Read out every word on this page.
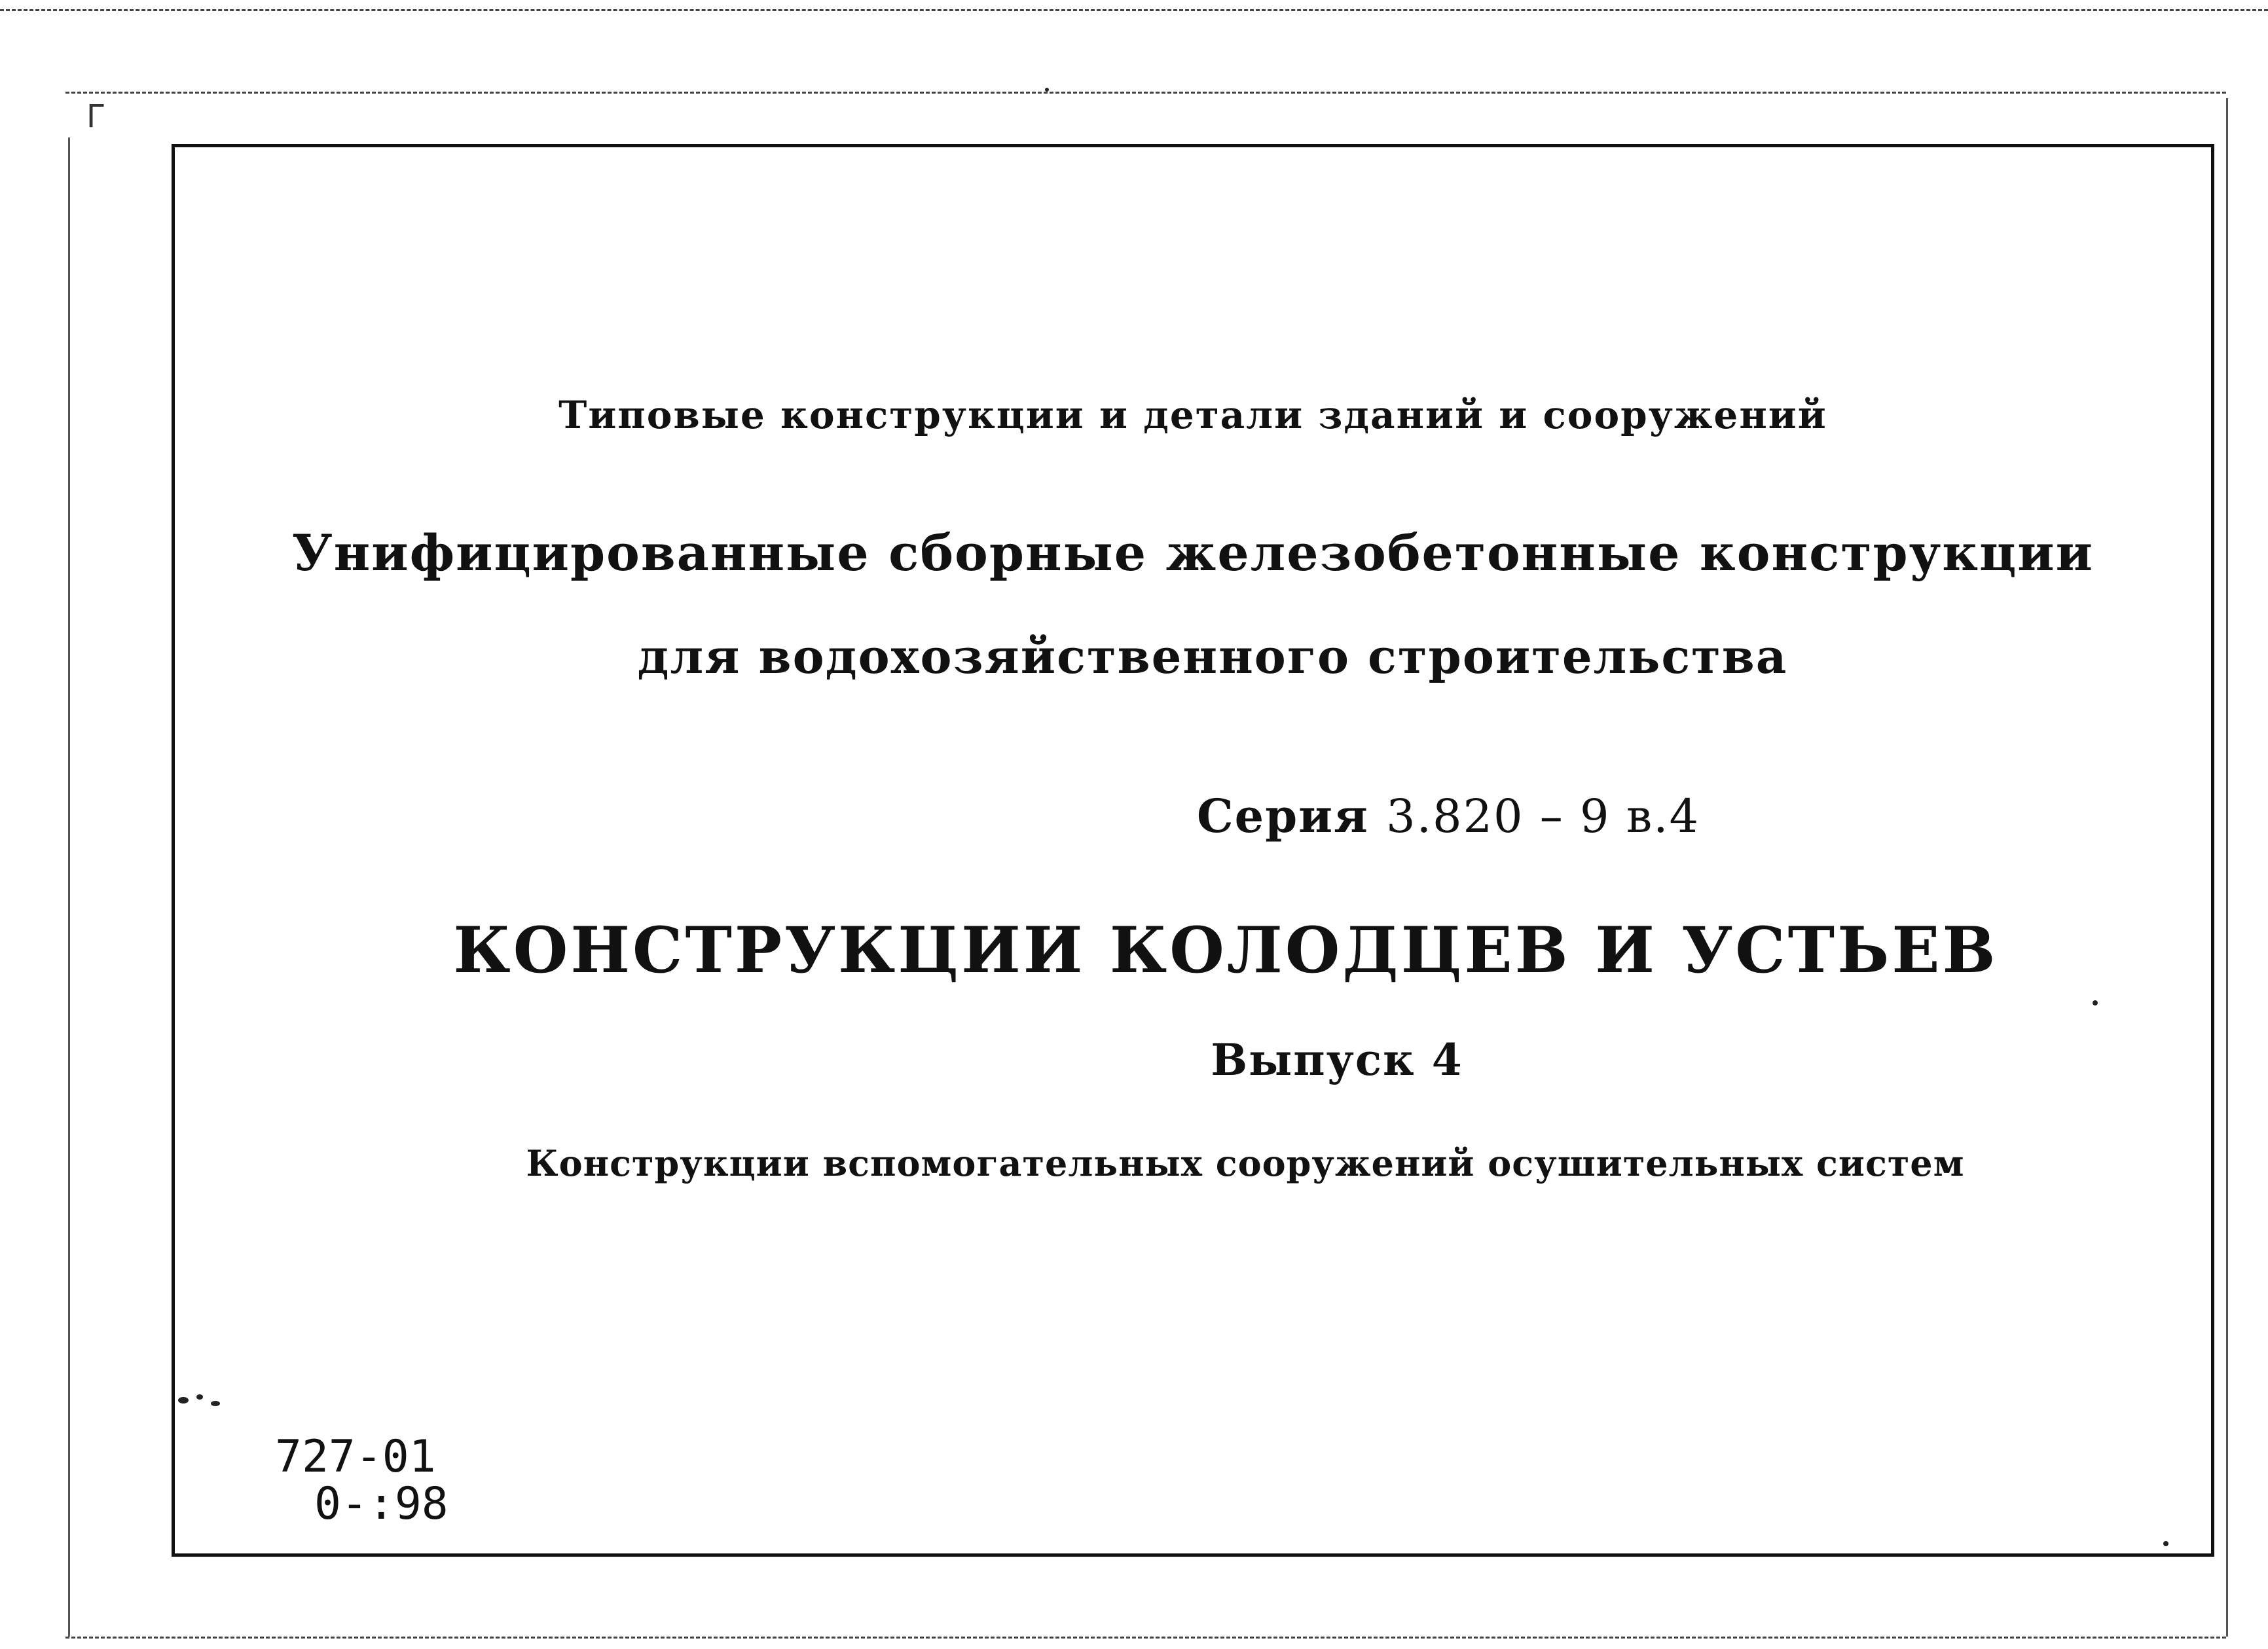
Г

Типовые конструкции и детали зданий и сооружений

Унифицированные сборные железобетонные конструкции

для водохозяйственного строительства

Серия 3.820 – 9 в.4

КОНСТРУКЦИИ КОЛОДЦЕВ И УСТЬЕВ

Выпуск 4

Конструкции вспомогательных сооружений осушительных систем

727-01
0-:98
